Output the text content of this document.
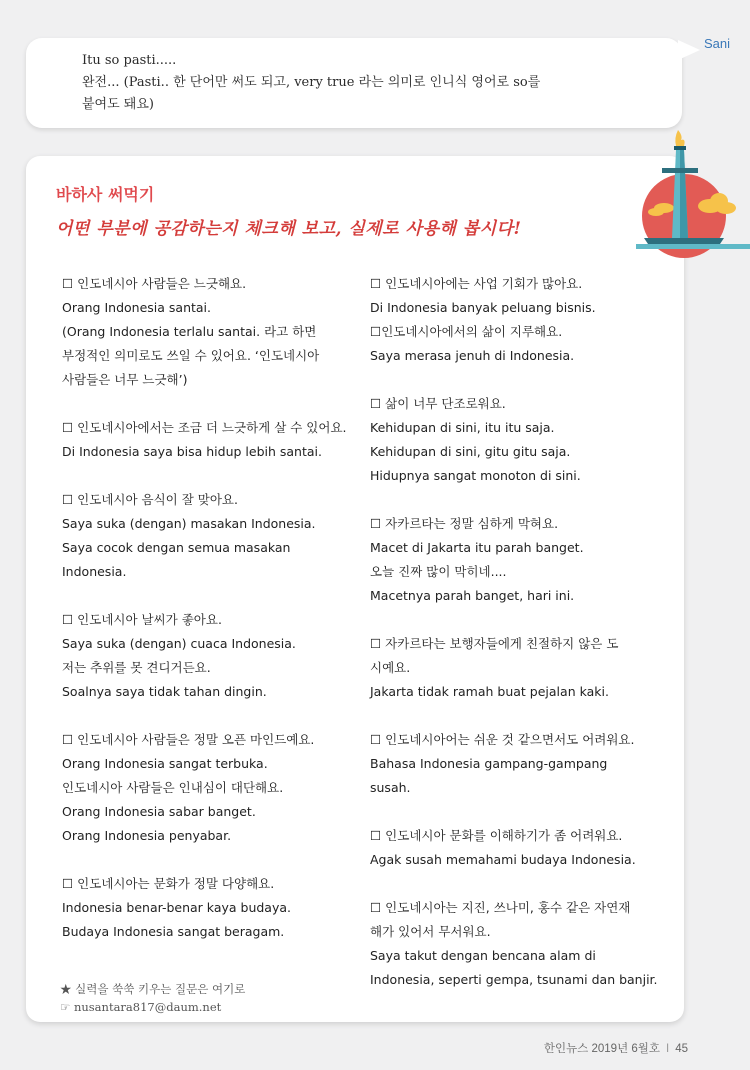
Sani
Itu so pasti.....
완전... (Pasti.. 한 단어만 써도 되고, very true 라는 의미로 인니식 영어로 so를
붙여도 돼요)
바하사 써먹기
어떤 부분에 공감하는지 체크해 보고, 실제로 사용해 봅시다!
☐ 인도네시아 사람들은 느긋해요.
Orang Indonesia santai.
(Orang Indonesia terlalu santai. 라고 하면
부정적인 의미로도 쓰일 수 있어요. ‘인도네시아
사람들은 너무 느긋해’)
☐ 인도네시아에서는 조금 더 느긋하게 살 수 있어요.
Di Indonesia saya bisa hidup lebih santai.
☐ 인도네시아 음식이 잘 맞아요.
Saya suka (dengan) masakan Indonesia.
Saya cocok dengan semua masakan
Indonesia.
☐ 인도네시아 날씨가 좋아요.
Saya suka (dengan) cuaca Indonesia.
저는 추위를 못 견디거든요.
Soalnya saya tidak tahan dingin.
☐ 인도네시아 사람들은 정말 오픈 마인드예요.
Orang Indonesia sangat terbuka.
인도네시아 사람들은 인내심이 대단해요.
Orang Indonesia sabar banget.
Orang Indonesia penyabar.
☐ 인도네시아는 문화가 정말 다양해요.
Indonesia benar-benar kaya budaya.
Budaya Indonesia sangat beragam.
☐ 인도네시아에는 사업 기회가 많아요.
Di Indonesia banyak peluang bisnis.
☐인도네시아에서의 삶이 지루해요.
Saya merasa jenuh di Indonesia.
☐ 삶이 너무 단조로워요.
Kehidupan di sini, itu itu saja.
Kehidupan di sini, gitu gitu saja.
Hidupnya sangat monoton di sini.
☐ 자카르타는 정말 심하게 막혀요.
Macet di Jakarta itu parah banget.
오늘 진짜 많이 막히네....
Macetnya parah banget, hari ini.
☐ 자카르타는 보행자들에게 친절하지 않은 도
시예요.
Jakarta tidak ramah buat pejalan kaki.
☐ 인도네시아어는 쉬운 것 같으면서도 어려워요.
Bahasa Indonesia gampang-gampang
susah.
☐ 인도네시아 문화를 이해하기가 좀 어려워요.
Agak susah memahami budaya Indonesia.
☐ 인도네시아는 지진, 쓰나미, 홍수 같은 자연재
해가 있어서 무서워요.
Saya takut dengan bencana alam di
Indonesia, seperti gempa, tsunami dan banjir.
★ 실력을 쑥쑥 키우는 질문은 여기로
☞ nusantara817@daum.net
한인뉴스 2019년 6월호 I 45
